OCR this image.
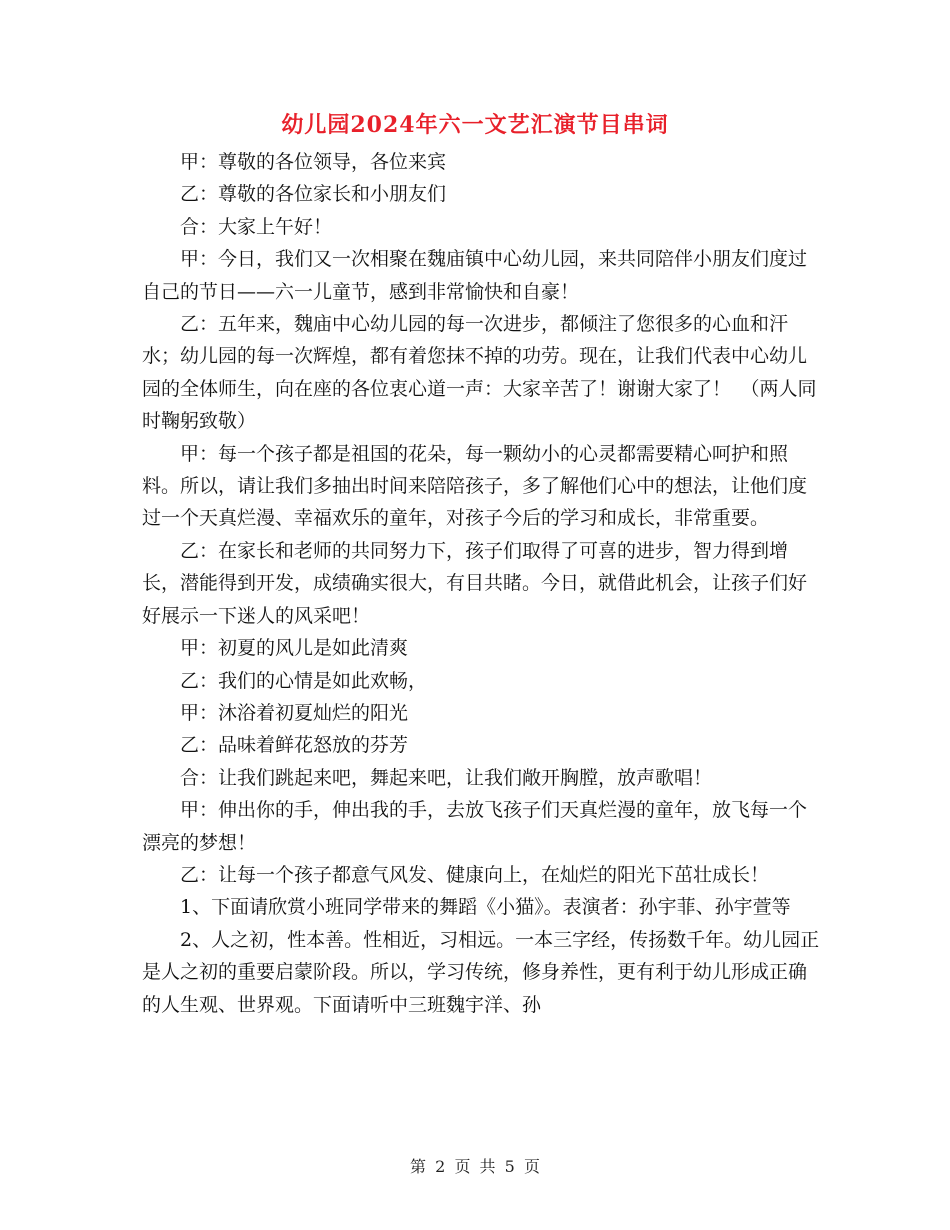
幼儿园2024年六一文艺汇演节目串词

甲：尊敬的各位领导，各位来宾

乙：尊敬的各位家长和小朋友们

合：大家上午好！

甲：今日，我们又一次相聚在魏庙镇中心幼儿园，来共同陪伴小朋友们度过自己的节日——六一儿童节，感到非常愉快和自豪！

乙：五年来，魏庙中心幼儿园的每一次进步，都倾注了您很多的心血和汗水；幼儿园的每一次辉煌，都有着您抹不掉的功劳。现在，让我们代表中心幼儿园的全体师生，向在座的各位衷心道一声：大家辛苦了！谢谢大家了！　（两人同时鞠躬致敬）

甲：每一个孩子都是祖国的花朵，每一颗幼小的心灵都需要精心呵护和照料。所以，请让我们多抽出时间来陪陪孩子，多了解他们心中的想法，让他们度过一个天真烂漫、幸福欢乐的童年，对孩子今后的学习和成长，非常重要。

乙：在家长和老师的共同努力下，孩子们取得了可喜的进步，智力得到增长，潜能得到开发，成绩确实很大，有目共睹。今日，就借此机会，让孩子们好好展示一下迷人的风采吧！

甲：初夏的风儿是如此清爽

乙：我们的心情是如此欢畅，

甲：沐浴着初夏灿烂的阳光

乙：品味着鲜花怒放的芬芳

合：让我们跳起来吧，舞起来吧，让我们敞开胸膛，放声歌唱！

甲：伸出你的手，伸出我的手，去放飞孩子们天真烂漫的童年，放飞每一个漂亮的梦想！

乙：让每一个孩子都意气风发、健康向上，在灿烂的阳光下茁壮成长！

1、下面请欣赏小班同学带来的舞蹈《小猫》。表演者：孙宇菲、孙宇萱等

2、人之初，性本善。性相近，习相远。一本三字经，传扬数千年。幼儿园正是人之初的重要启蒙阶段。所以，学习传统，修身养性，更有利于幼儿形成正确的人生观、世界观。下面请听中三班魏宇洋、孙

第 2 页 共 5 页
